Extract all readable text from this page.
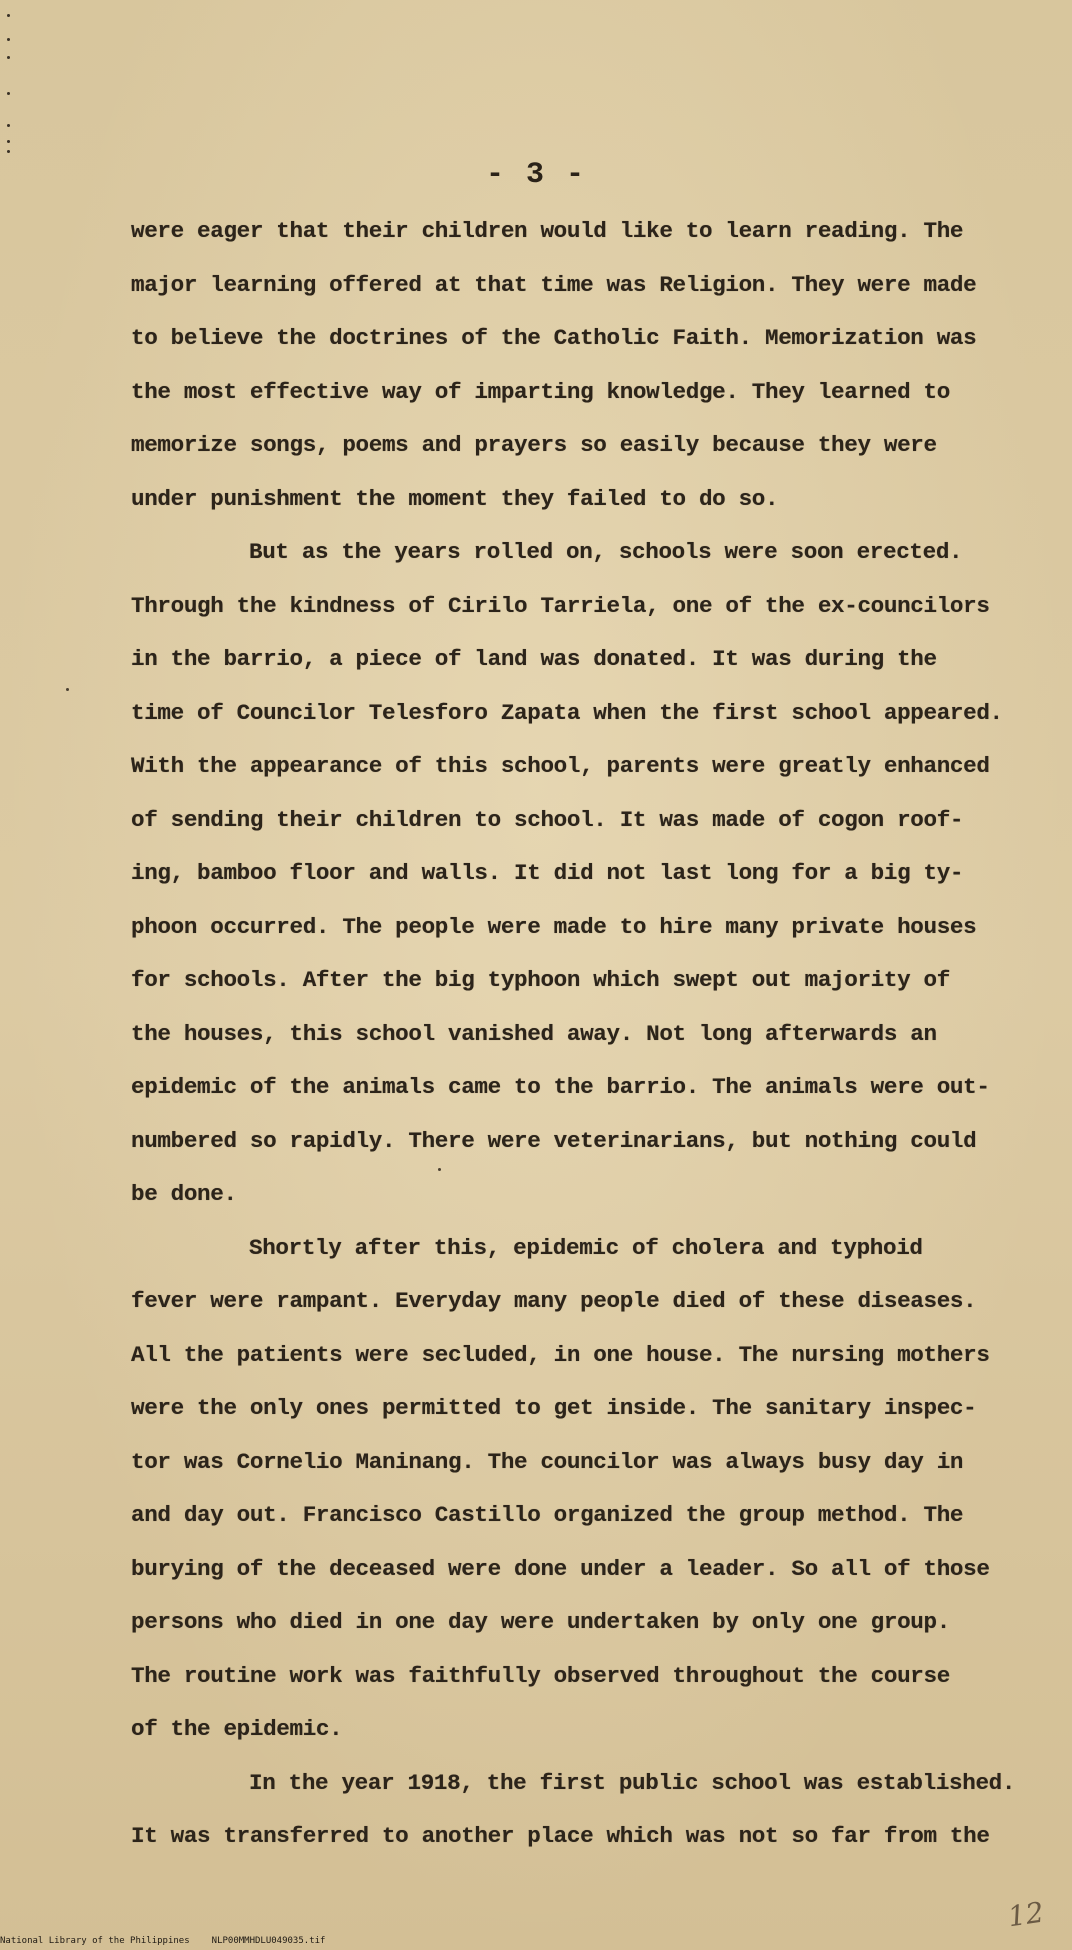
- 3 -
were eager that their children would like to learn reading. The
major learning offered at that time was Religion. They were made
to believe the doctrines of the Catholic Faith. Memorization was
the most effective way of imparting knowledge. They learned to
memorize songs, poems and prayers so easily because they were
under punishment the moment they failed to do so.
But as the years rolled on, schools were soon erected.
Through the kindness of Cirilo Tarriela, one of the ex-councilors
in the barrio, a piece of land was donated. It was during the
time of Councilor Telesforo Zapata when the first school appeared.
With the appearance of this school, parents were greatly enhanced
of sending their children to school. It was made of cogon roof-
ing, bamboo floor and walls. It did not last long for a big ty-
phoon occurred. The people were made to hire many private houses
for schools. After the big typhoon which swept out majority of
the houses, this school vanished away. Not long afterwards an
epidemic of the animals came to the barrio. The animals were out-
numbered so rapidly. There were veterinarians, but nothing could
be done.
Shortly after this, epidemic of cholera and typhoid
fever were rampant. Everyday many people died of these diseases.
All the patients were secluded, in one house. The nursing mothers
were the only ones permitted to get inside. The sanitary inspec-
tor was Cornelio Maninang. The councilor was always busy day in
and day out. Francisco Castillo organized the group method. The
burying of the deceased were done under a leader. So all of those
persons who died in one day were undertaken by only one group.
The routine work was faithfully observed throughout the course
of the epidemic.
In the year 1918, the first public school was established.
It was transferred to another place which was not so far from the
National Library of the Philippines NLP00MMHDLU049035.tif
12
